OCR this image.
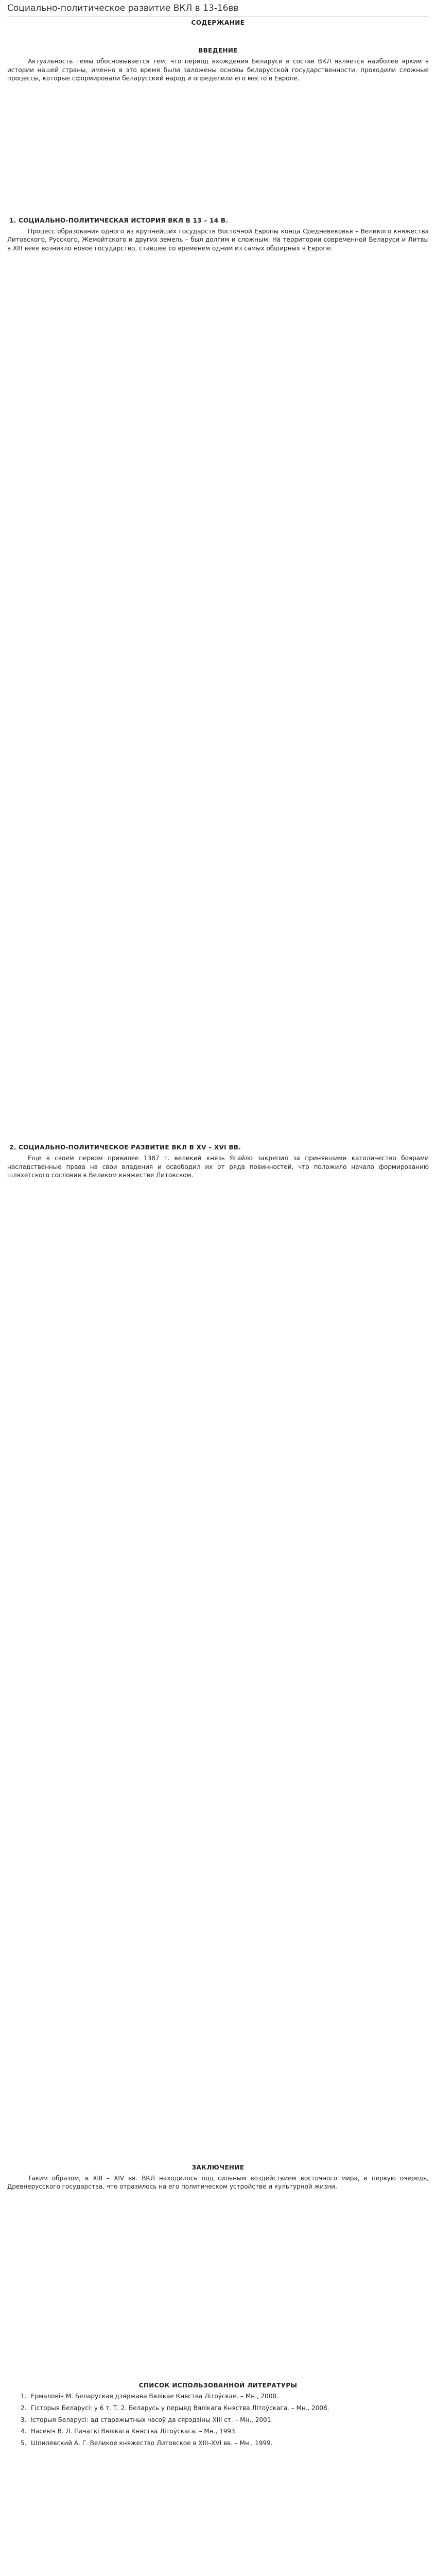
Социально-политическое развитие ВКЛ в 13-16вв
СОДЕРЖАНИЕ
ВВЕДЕНИЕ

Актуальность темы обосновывается тем, что период вхождения Беларуси в состав ВКЛ является наиболее ярким в истории нашей страны, именно в это время были заложены основы беларусской государственности, проходили сложные процессы, которые сформировали беларусский народ и определили его место в Европе.

1. СОЦИАЛЬНО-ПОЛИТИЧЕСКАЯ ИСТОРИЯ ВКЛ В 13 – 14 В.

Процесс образования одного из крупнейших государств Восточной Европы конца Средневековья – Великого княжества Литовского, Русского, Жемойтского и других земель – был долгим и сложным. На территории современной Беларуси и Литвы в XIII веке возникло новое государство, ставшее со временем одним из самых обширных в Европе.

2. СОЦИАЛЬНО-ПОЛИТИЧЕСКОЕ РАЗВИТИЕ ВКЛ В XV – XVI ВВ.

Еще в своем первом привилее 1387 г. великий князь Ягайло закрепил за принявшими католичество боярами наследственные права на свои владения и освободил их от ряда повинностей, что положило начало формированию шляхетского сословия в Великом княжестве Литовском.

ЗАКЛЮЧЕНИЕ

Таким образом, в XIII – XIV вв. ВКЛ находилось под сильным воздействием восточного мира, в первую очередь, Древнерусского государства, что отразилось на его политическом устройстве и культурной жизни.

СПИСОК ИСПОЛЬЗОВАННОЙ ЛИТЕРАТУРЫ
1. Ермаловіч М. Беларуская дзяржава Вялікае Княства Літоўскае. – Мн., 2000.
2. Гісторыя Беларусі: у 6 т. Т. 2. Беларусь у перыяд Вялікага Княства Літоўскага. – Мн., 2008.
3. Історыя Беларусі: ад старажытных часоў да сярэдзіны XIII ст. – Мн., 2001.
4. Насевіч В. Л. Пачаткі Вялікага Княства Літоўскага. – Мн., 1993.
5. Шпилевский А. Г. Великое княжество Литовское в XIII–XVI вв. – Мн., 1999.
